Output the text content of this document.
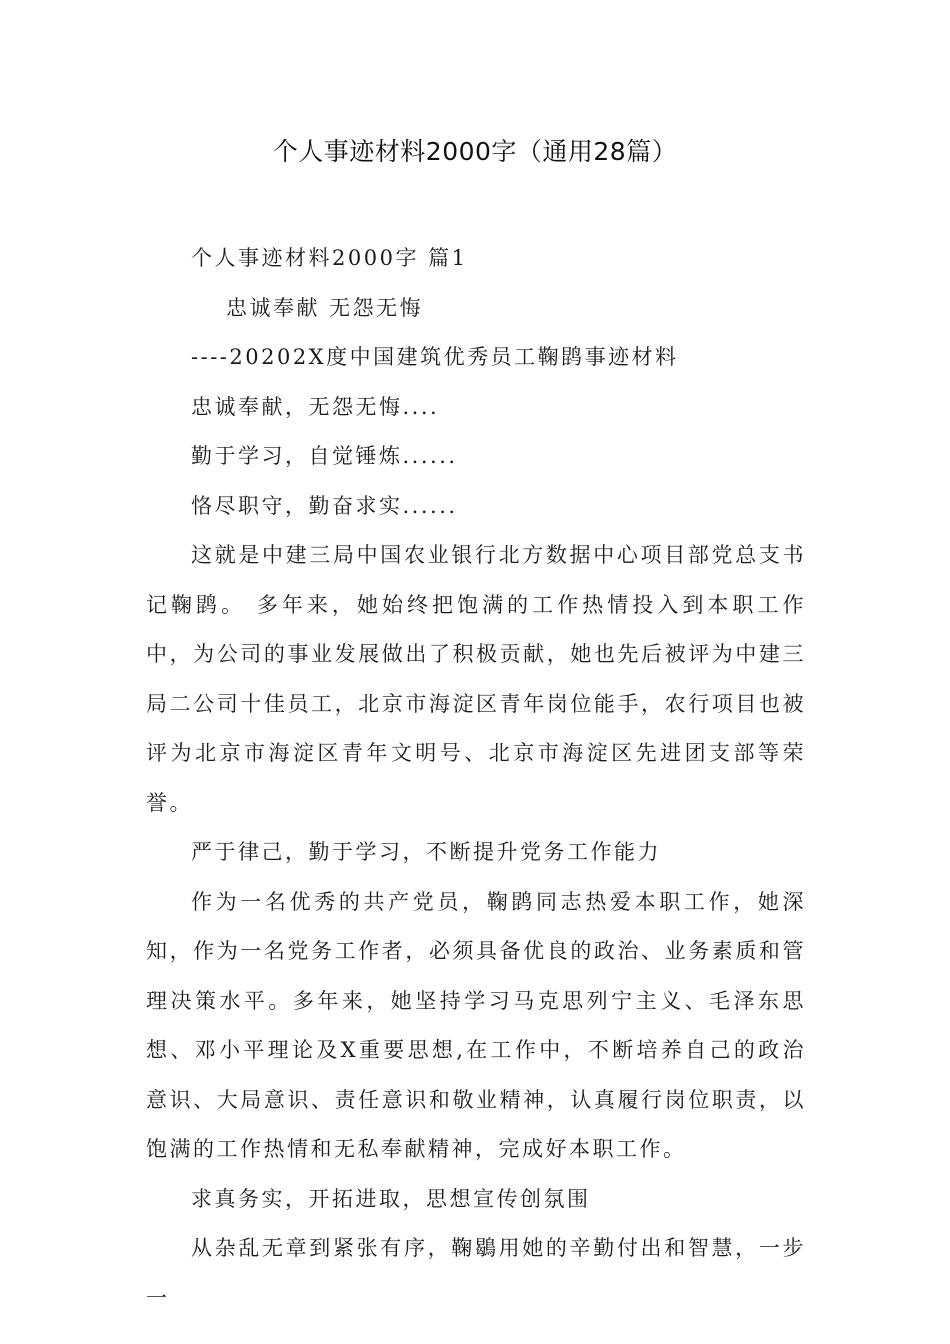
个人事迹材料2000字（通用28篇）
个人事迹材料2000字 篇1
忠诚奉献 无怨无悔
----20202X度中国建筑优秀员工鞠鹍事迹材料
忠诚奉献，无怨无悔....
勤于学习，自觉锤炼......
恪尽职守，勤奋求实......
这就是中建三局中国农业银行北方数据中心项目部党总支书记鞠鹍。 多年来，她始终把饱满的工作热情投入到本职工作中，为公司的事业发展做出了积极贡献，她也先后被评为中建三局二公司十佳员工，北京市海淀区青年岗位能手，农行项目也被评为北京市海淀区青年文明号、北京市海淀区先进团支部等荣誉。
严于律己，勤于学习，不断提升党务工作能力
作为一名优秀的共产党员，鞠鹍同志热爱本职工作，她深知，作为一名党务工作者，必须具备优良的政治、业务素质和管理决策水平。多年来，她坚持学习马克思列宁主义、毛泽东思想、邓小平理论及X重要思想,在工作中，不断培养自己的政治意识、大局意识、责任意识和敬业精神，认真履行岗位职责，以饱满的工作热情和无私奉献精神，完成好本职工作。
求真务实，开拓进取，思想宣传创氛围
从杂乱无章到紧张有序，鞠鶡用她的辛勤付出和智慧，一步一
